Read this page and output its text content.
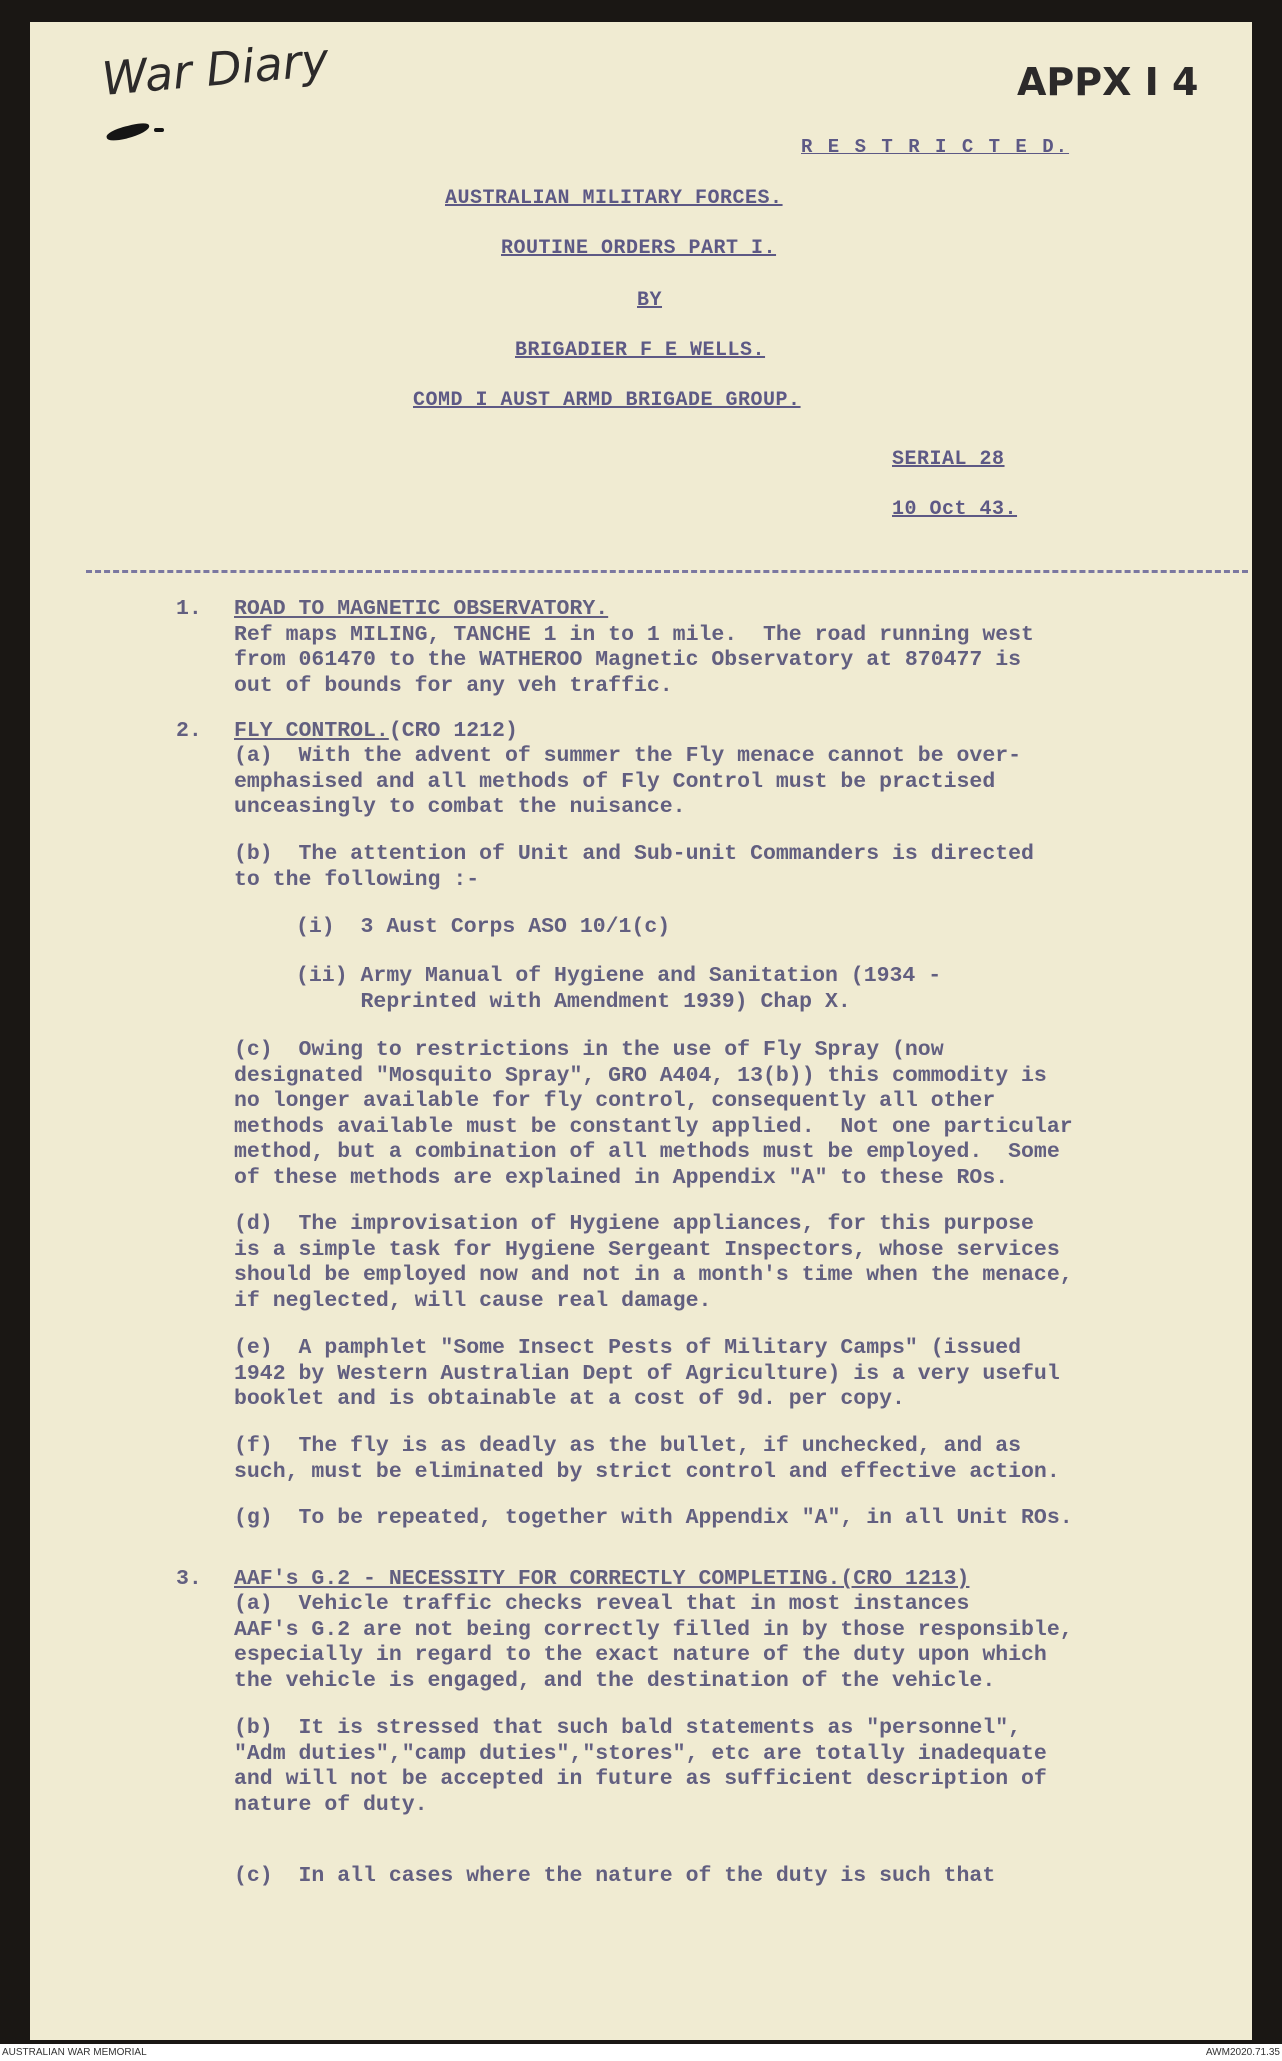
War Diary	APPX I 4
R E S T R I C T E D.
AUSTRALIAN MILITARY FORCES.
ROUTINE ORDERS PART I.
BY
BRIGADIER F E WELLS.
COMD I AUST ARMD BRIGADE GROUP.
SERIAL 28
10 Oct 43.
1. ROAD TO MAGNETIC OBSERVATORY.

Ref maps MILING, TANCHE 1 in to 1 mile.  The road running west

from 061470 to the WATHEROO Magnetic Observatory at 870477 is

out of bounds for any veh traffic.

2. FLY CONTROL.(CRO 1212)

(a)  With the advent of summer the Fly menace cannot be over-

emphasised and all methods of Fly Control must be practised

unceasingly to combat the nuisance.

(b)  The attention of Unit and Sub-unit Commanders is directed

to the following :-

(i)  3 Aust Corps ASO 10/1(c)

(ii) Army Manual of Hygiene and Sanitation (1934 -

Reprinted with Amendment 1939) Chap X.

(c)  Owing to restrictions in the use of Fly Spray (now

designated "Mosquito Spray", GRO A404, 13(b)) this commodity is

no longer available for fly control, consequently all other

methods available must be constantly applied.  Not one particular

method, but a combination of all methods must be employed.  Some

of these methods are explained in Appendix "A" to these ROs.

(d)  The improvisation of Hygiene appliances, for this purpose

is a simple task for Hygiene Sergeant Inspectors, whose services

should be employed now and not in a month's time when the menace,

if neglected, will cause real damage.

(e)  A pamphlet "Some Insect Pests of Military Camps" (issued

1942 by Western Australian Dept of Agriculture) is a very useful

booklet and is obtainable at a cost of 9d. per copy.

(f)  The fly is as deadly as the bullet, if unchecked, and as

such, must be eliminated by strict control and effective action.

(g)  To be repeated, together with Appendix "A", in all Unit ROs.

3. AAF's G.2 - NECESSITY FOR CORRECTLY COMPLETING.(CRO 1213)

(a)  Vehicle traffic checks reveal that in most instances

AAF's G.2 are not being correctly filled in by those responsible,

especially in regard to the exact nature of the duty upon which

the vehicle is engaged, and the destination of the vehicle.

(b)  It is stressed that such bald statements as "personnel",

"Adm duties","camp duties","stores", etc are totally inadequate

and will not be accepted in future as sufficient description of

nature of duty.

(c)  In all cases where the nature of the duty is such that

AUSTRALIAN WAR MEMORIAL	AWM2020.71.35
